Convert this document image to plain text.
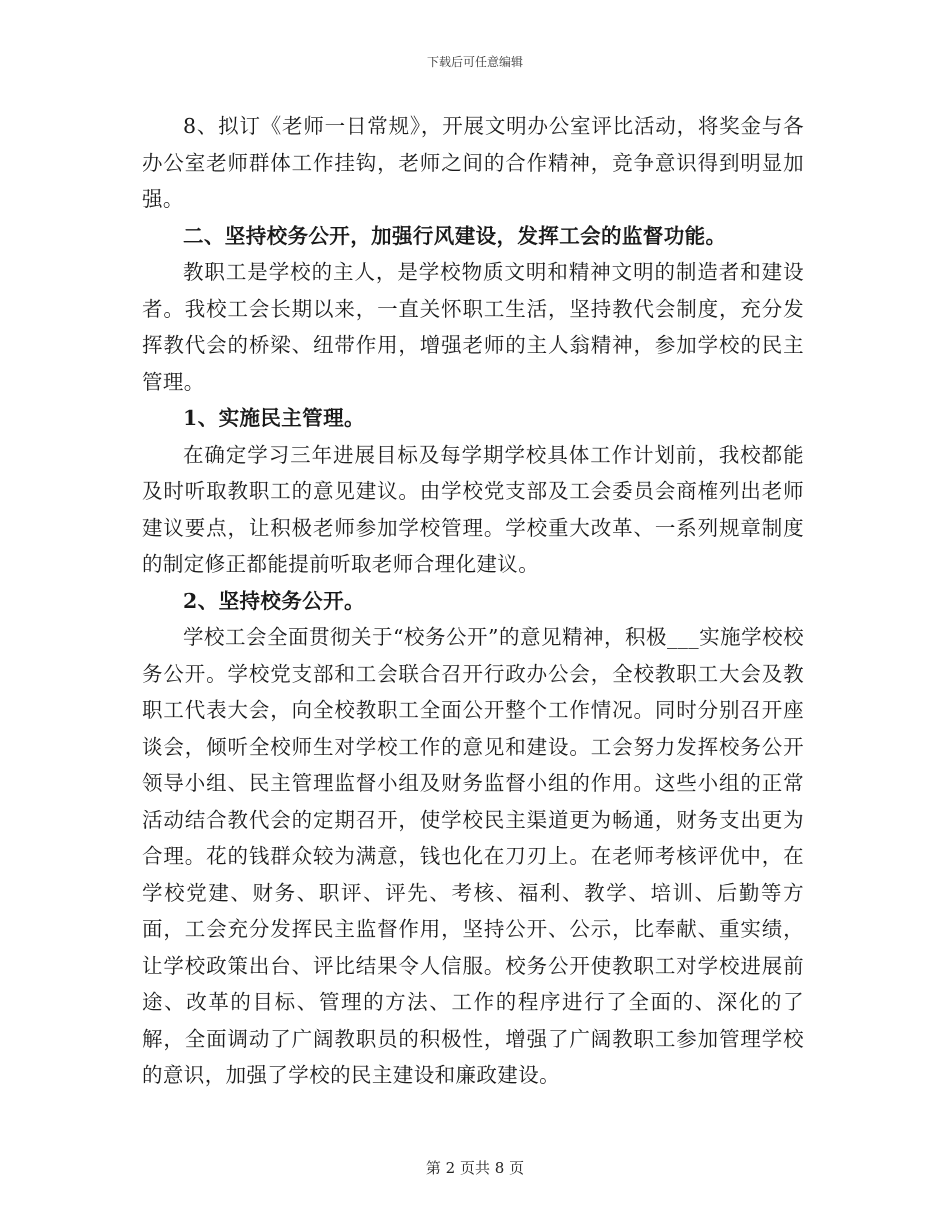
下载后可任意编辑

8、拟订《老师一日常规》，开展文明办公室评比活动，将奖金与各办公室老师群体工作挂钩，老师之间的合作精神，竞争意识得到明显加强。

二、坚持校务公开，加强行风建设，发挥工会的监督功能。

教职工是学校的主人，是学校物质文明和精神文明的制造者和建设者。我校工会长期以来，一直关怀职工生活，坚持教代会制度，充分发挥教代会的桥梁、纽带作用，增强老师的主人翁精神，参加学校的民主管理。

1、实施民主管理。

在确定学习三年进展目标及每学期学校具体工作计划前，我校都能及时听取教职工的意见建议。由学校党支部及工会委员会商榷列出老师建议要点，让积极老师参加学校管理。学校重大改革、一系列规章制度的制定修正都能提前听取老师合理化建议。

2、坚持校务公开。

学校工会全面贯彻关于“校务公开”的意见精神，积极___实施学校校务公开。学校党支部和工会联合召开行政办公会，全校教职工大会及教职工代表大会，向全校教职工全面公开整个工作情况。同时分别召开座谈会，倾听全校师生对学校工作的意见和建设。工会努力发挥校务公开领导小组、民主管理监督小组及财务监督小组的作用。这些小组的正常活动结合教代会的定期召开，使学校民主渠道更为畅通，财务支出更为合理。花的钱群众较为满意，钱也化在刀刃上。在老师考核评优中，在学校党建、财务、职评、评先、考核、福利、教学、培训、后勤等方面，工会充分发挥民主监督作用，坚持公开、公示，比奉献、重实绩，让学校政策出台、评比结果令人信服。校务公开使教职工对学校进展前途、改革的目标、管理的方法、工作的程序进行了全面的、深化的了解，全面调动了广阔教职员的积极性，增强了广阔教职工参加管理学校的意识，加强了学校的民主建设和廉政建设。

第 2 页共 8 页
